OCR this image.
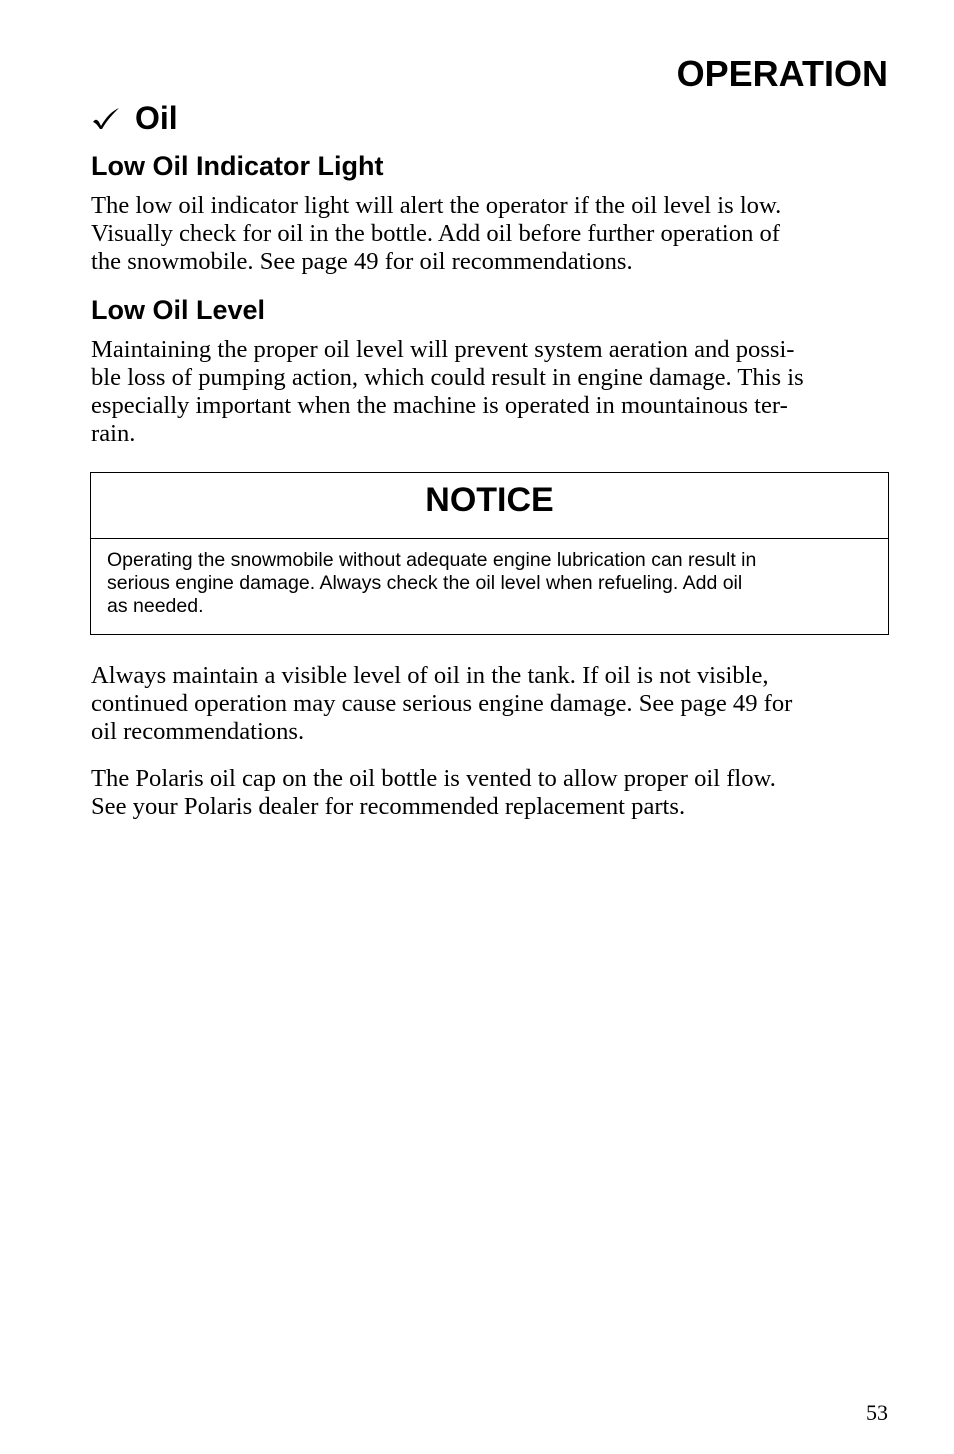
OPERATION
Oil
Low Oil Indicator Light
The low oil indicator light will alert the operator if the oil level is low.
Visually check for oil in the bottle. Add oil before further operation of
the snowmobile. See page 49 for oil recommendations.
Low Oil Level
Maintaining the proper oil level will prevent system aeration and possi-
ble loss of pumping action, which could result in engine damage. This is
especially important when the machine is operated in mountainous ter-
rain.
NOTICE
Operating the snowmobile without adequate engine lubrication can result in
serious engine damage. Always check the oil level when refueling. Add oil
as needed.
Always maintain a visible level of oil in the tank. If oil is not visible,
continued operation may cause serious engine damage. See page 49 for
oil recommendations.
The Polaris oil cap on the oil bottle is vented to allow proper oil flow.
See your Polaris dealer for recommended replacement parts.
53
